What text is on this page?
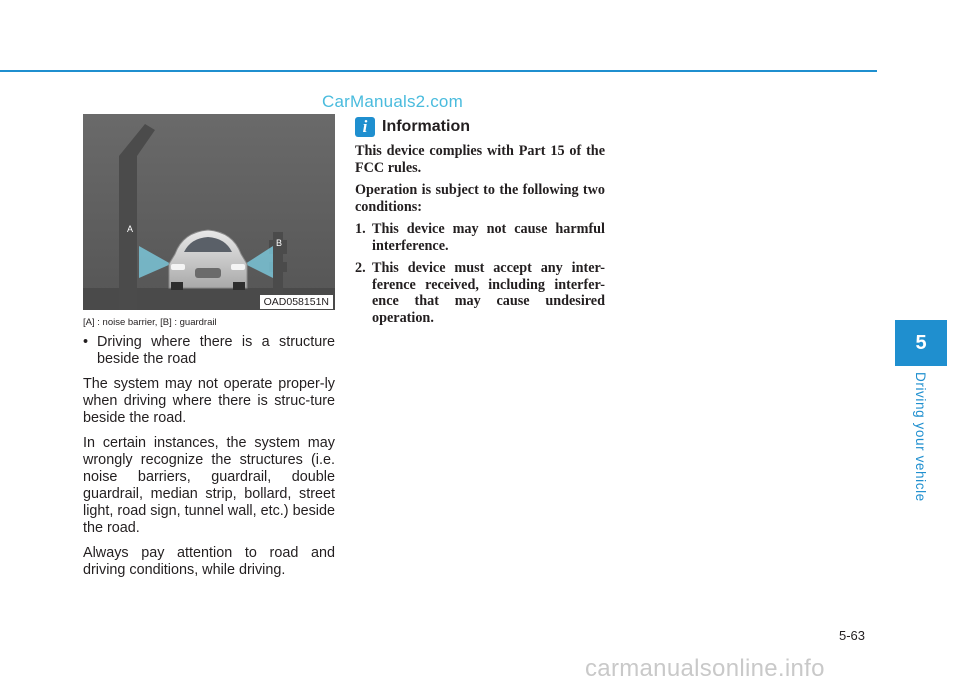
CarManuals2.com
A
B
OAD058151N
[A] : noise barrier, [B] : guardrail
• Driving where there is a structure beside the road

The system may not operate proper-ly when driving where there is struc-ture beside the road.

In certain instances, the system may wrongly recognize the structures (i.e. noise barriers, guardrail, double guardrail, median strip, bollard, street light, road sign, tunnel wall, etc.) beside the road.

Always pay attention to road and driving conditions, while driving.

i Information

This device complies with Part 15 of the FCC rules.

Operation is subject to the following two conditions:

1. This device may not cause harmful interference.
2. This device must accept any inter-ference received, including interfer-ence that may cause undesired operation.
5
Driving your vehicle
5-63
carmanualsonline.info
